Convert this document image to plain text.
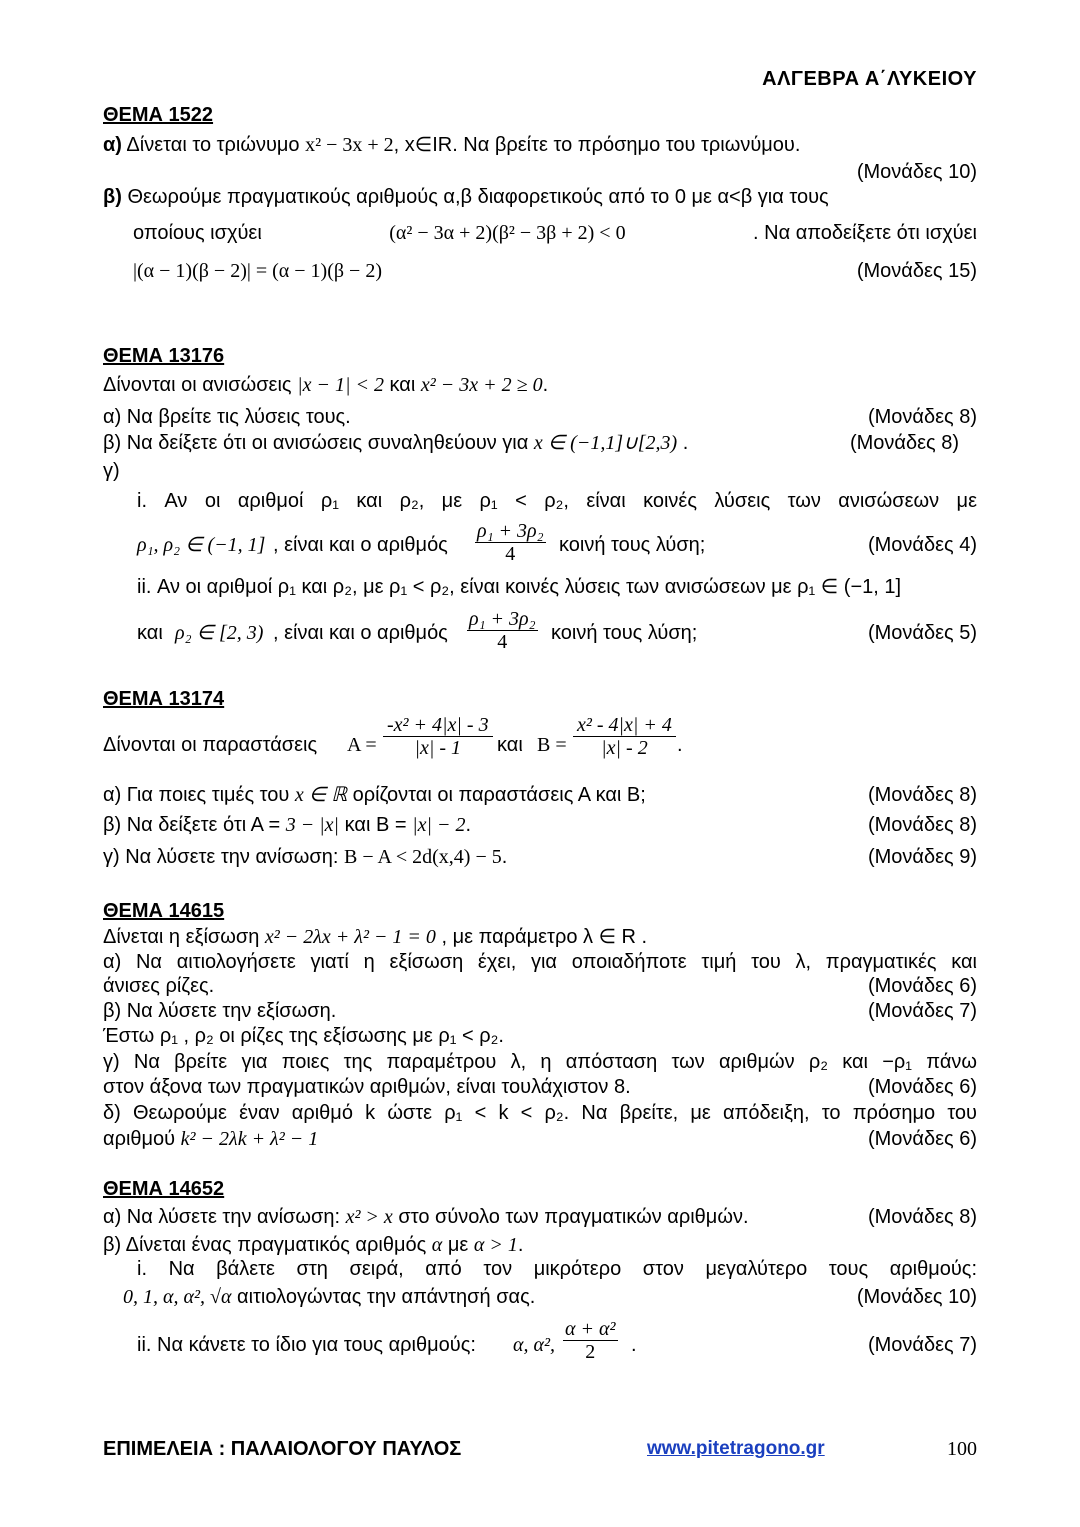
ΑΛΓΕΒΡΑ Α΄ΛΥΚΕΙΟΥ
ΘΕΜΑ 1522
α) Δίνεται το τριώνυμο x² − 3x + 2, x∈IR. Να βρείτε το πρόσημο του τριωνύμου.
(Μονάδες 10)
β) Θεωρούμε πραγματικούς αριθμούς α,β διαφορετικούς από το 0 με α<β για τους
οποίους ισχύει	(α² − 3α + 2)(β² − 3β + 2) < 0	. Να αποδείξετε ότι ισχύει
|(α − 1)(β − 2)| = (α − 1)(β − 2)	(Μονάδες 15)
ΘΕΜΑ 13176
Δίνονται οι ανισώσεις |x − 1| < 2 και x² − 3x + 2 ≥ 0.
α) Να βρείτε τις λύσεις τους.	(Μονάδες 8)
β) Να δείξετε ότι οι ανισώσεις συναληθεύουν για x ∈ (−1,1]∪[2,3) .	(Μονάδες 8)
γ)
i. Αν οι αριθμοί ρ₁ και ρ₂, με ρ₁ < ρ₂, είναι κοινές λύσεις των ανισώσεων με
ρ₁, ρ₂ ∈ (−1, 1] , είναι και ο αριθμός $\frac{\text{ρ₁ + 3ρ₂}}{4}$ κοινή τους λύση;	(Μονάδες 4)
ii. Αν οι αριθμοί ρ₁ και ρ₂, με ρ₁ < ρ₂, είναι κοινές λύσεις των ανισώσεων με ρ₁ ∈ (−1, 1]
και ρ₂ ∈ [2, 3) , είναι και ο αριθμός $\frac{\text{ρ₁ + 3ρ₂}}{4}$ κοινή τους λύση;	(Μονάδες 5)
ΘΕΜΑ 13174
Δίνονται οι παραστάσεις $A = \frac{\text{-x² + 4|x| - 3}}{|x| - 1}$ και $B = \frac{\text{x² - 4|x| + 4}}{|x| - 2}$ .
α) Για ποιες τιμές του x ∈ ℝ ορίζονται οι παραστάσεις Α και Β;	(Μονάδες 8)
β) Να δείξετε ότι Α = 3 − |x| και Β = |x| − 2.	(Μονάδες 8)
γ) Να λύσετε την ανίσωση: B − A < 2d(x,4) − 5.	(Μονάδες 9)
ΘΕΜΑ 14615
Δίνεται η εξίσωση x² − 2λx + λ² − 1 = 0 , με παράμετρο λ ∈ R .
α) Να αιτιολογήσετε γιατί η εξίσωση έχει, για οποιαδήποτε τιμή του λ, πραγματικές και
άνισες ρίζες.	(Μονάδες 6)
β) Να λύσετε την εξίσωση.	(Μονάδες 7)
Έστω ρ₁ , ρ₂ οι ρίζες της εξίσωσης με ρ₁ < ρ₂.
γ) Να βρείτε για ποιες της παραμέτρου λ, η απόσταση των αριθμών ρ₂ και −ρ₁ πάνω
στον άξονα των πραγματικών αριθμών, είναι τουλάχιστον 8.	(Μονάδες 6)
δ) Θεωρούμε έναν αριθμό k ώστε ρ₁ < k < ρ₂. Να βρείτε, με απόδειξη, το πρόσημο του
αριθμού k² − 2λk + λ² − 1	(Μονάδες 6)
ΘΕΜΑ 14652
α) Να λύσετε την ανίσωση: x² > x στο σύνολο των πραγματικών αριθμών.	(Μονάδες 8)
β) Δίνεται ένας πραγματικός αριθμός α με α > 1.
i. Να βάλετε στη σειρά, από τον μικρότερο στον μεγαλύτερο τους αριθμούς:
0, 1, α, α², √α αιτιολογώντας την απάντησή σας.	(Μονάδες 10)
ii. Να κάνετε το ίδιο για τους αριθμούς: α, α², $\frac{\text{α + α²}}{2}$ .	(Μονάδες 7)
ΕΠΙΜΕΛΕΙΑ : ΠΑΛΑΙΟΛΟΓΟΥ ΠΑΥΛΟΣ	www.pitetragono.gr	100
